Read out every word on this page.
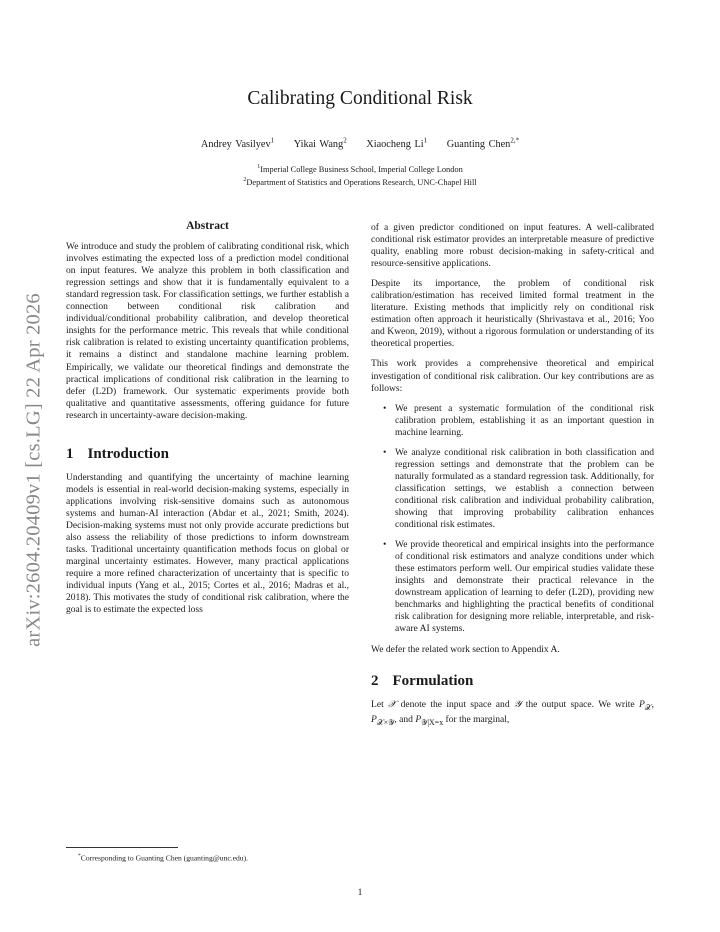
arXiv:2604.20409v1 [cs.LG] 22 Apr 2026
Calibrating Conditional Risk
Andrey Vasilyev$^1$ Yikai Wang$^2$ Xiaocheng Li$^1$ Guanting Chen$^{2,*}$
$^1$Imperial College Business School, Imperial College London
$^2$Department of Statistics and Operations Research, UNC-Chapel Hill
Abstract

We introduce and study the problem of calibrating conditional risk, which involves estimating the expected loss of a prediction model conditional on input features. We analyze this problem in both classification and regression settings and show that it is fundamentally equivalent to a standard regression task. For classification settings, we further establish a connection between conditional risk calibration and individual/conditional probability calibration, and develop theoretical insights for the performance metric. This reveals that while conditional risk calibration is related to existing uncertainty quantification problems, it remains a distinct and standalone machine learning problem. Empirically, we validate our theoretical findings and demonstrate the practical implications of conditional risk calibration in the learning to defer (L2D) framework. Our systematic experiments provide both qualitative and quantitative assessments, offering guidance for future research in uncertainty-aware decision-making.

1 Introduction

Understanding and quantifying the uncertainty of machine learning models is essential in real-world decision-making systems, especially in applications involving risk-sensitive domains such as autonomous systems and human-AI interaction (Abdar et al., 2021; Smith, 2024). Decision-making systems must not only provide accurate predictions but also assess the reliability of those predictions to inform downstream tasks. Traditional uncertainty quantification methods focus on global or marginal uncertainty estimates. However, many practical applications require a more refined characterization of uncertainty that is specific to individual inputs (Yang et al., 2015; Cortes et al., 2016; Madras et al., 2018). This motivates the study of conditional risk calibration, where the goal is to estimate the expected loss

of a given predictor conditioned on input features. A well-calibrated conditional risk estimator provides an interpretable measure of predictive quality, enabling more robust decision-making in safety-critical and resource-sensitive applications.

Despite its importance, the problem of conditional risk calibration/estimation has received limited formal treatment in the literature. Existing methods that implicitly rely on conditional risk estimation often approach it heuristically (Shrivastava et al., 2016; Yoo and Kweon, 2019), without a rigorous formulation or understanding of its theoretical properties.

This work provides a comprehensive theoretical and empirical investigation of conditional risk calibration. Our key contributions are as follows:

• We present a systematic formulation of the conditional risk calibration problem, establishing it as an important question in machine learning.
• We analyze conditional risk calibration in both classification and regression settings and demonstrate that the problem can be naturally formulated as a standard regression task. Additionally, for classification settings, we establish a connection between conditional risk calibration and individual probability calibration, showing that improving probability calibration enhances conditional risk estimates.
• We provide theoretical and empirical insights into the performance of conditional risk estimators and analyze conditions under which these estimators perform well. Our empirical studies validate these insights and demonstrate their practical relevance in the downstream application of learning to defer (L2D), providing new benchmarks and highlighting the practical benefits of conditional risk calibration for designing more reliable, interpretable, and risk-aware AI systems.

We defer the related work section to Appendix A.

2 Formulation

Let 𝒳 denote the input space and 𝒴 the output space. We write $P_𝒳$, $P_{𝒳\times 𝒴}$, and $P_{𝒴|X=x}$ for the marginal,

*Corresponding to Guanting Chen (guanting@unc.edu).
1
